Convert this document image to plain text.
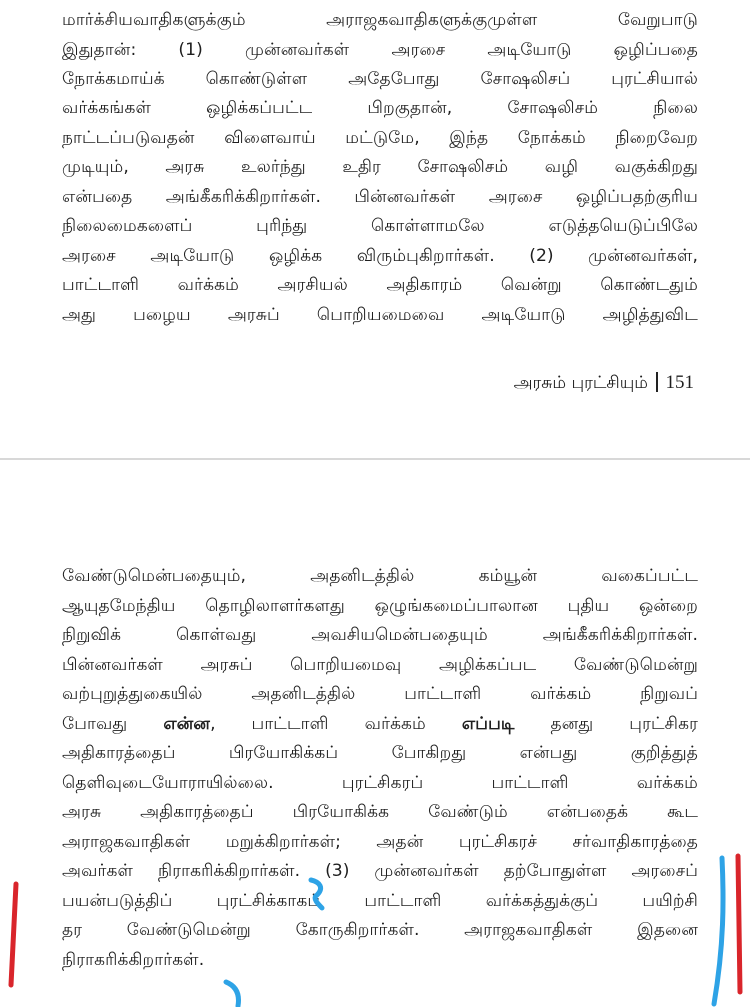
மார்க்சியவாதிகளுக்கும் அராஜகவாதிகளுக்குமுள்ள வேறுபாடு
இதுதான்: (1) முன்னவர்கள் அரசை அடியோடு ஒழிப்பதை
நோக்கமாய்க் கொண்டுள்ள அதேபோது சோஷலிசப் புரட்சியால்
வர்க்கங்கள் ஒழிக்கப்பட்ட பிறகுதான், சோஷலிசம் நிலை
நாட்டப்படுவதன் விளைவாய் மட்டுமே, இந்த நோக்கம் நிறைவேற
முடியும், அரசு உலர்ந்து உதிர சோஷலிசம் வழி வகுக்கிறது
என்பதை அங்கீகரிக்கிறார்கள். பின்னவர்கள் அரசை ஒழிப்பதற்குரிய
நிலைமைகளைப் புரிந்து கொள்ளாமலே எடுத்தயெடுப்பிலே
அரசை அடியோடு ஒழிக்க விரும்புகிறார்கள். (2) முன்னவர்கள்,
பாட்டாளி வர்க்கம் அரசியல் அதிகாரம் வென்று கொண்டதும்
அது பழைய அரசுப் பொறியமைவை அடியோடு அழித்துவிட
அரசும் புரட்சியும் 151
வேண்டுமென்பதையும், அதனிடத்தில் கம்யூன் வகைப்பட்ட
ஆயுதமேந்திய தொழிலாளர்களது ஒழுங்கமைப்பாலான புதிய ஒன்றை
நிறுவிக் கொள்வது அவசியமென்பதையும் அங்கீகரிக்கிறார்கள்.
பின்னவர்கள் அரசுப் பொறியமைவு அழிக்கப்பட வேண்டுமென்று
வற்புறுத்துகையில் அதனிடத்தில் பாட்டாளி வர்க்கம் நிறுவப்
போவது என்ன, பாட்டாளி வர்க்கம் எப்படி தனது புரட்சிகர
அதிகாரத்தைப் பிரயோகிக்கப் போகிறது என்பது குறித்துத்
தெளிவுடையோராயில்லை. புரட்சிகரப் பாட்டாளி வர்க்கம்
அரசு அதிகாரத்தைப் பிரயோகிக்க வேண்டும் என்பதைக் கூட
அராஜகவாதிகள் மறுக்கிறார்கள்; அதன் புரட்சிகரச் சர்வாதிகாரத்தை
அவர்கள் நிராகரிக்கிறார்கள். (3) முன்னவர்கள் தற்போதுள்ள அரசைப்
பயன்படுத்திப் புரட்சிக்காகப் பாட்டாளி வர்க்கத்துக்குப் பயிற்சி
தர வேண்டுமென்று கோருகிறார்கள். அராஜகவாதிகள் இதனை
நிராகரிக்கிறார்கள்.
